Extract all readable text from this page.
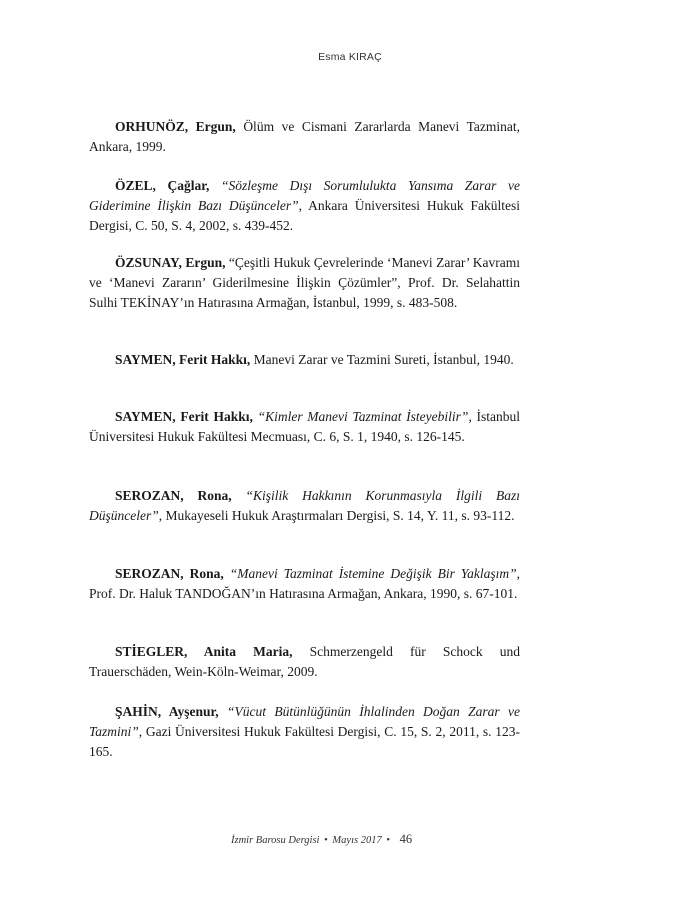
Esma KIRAÇ

ORHUNÖZ, Ergun, Ölüm ve Cismani Zararlarda Manevi Tazminat, Ankara, 1999.

ÖZEL, Çağlar, “Sözleşme Dışı Sorumlulukta Yansıma Zarar ve Giderimine İlişkin Bazı Düşünceler”, Ankara Üniversitesi Hukuk Fakültesi Dergisi, C. 50, S. 4, 2002, s. 439-452.

ÖZSUNAY, Ergun, “Çeşitli Hukuk Çevrelerinde ‘Manevi Zarar’ Kavramı ve ‘Manevi Zararın’ Giderilmesine İlişkin Çözümler”, Prof. Dr. Selahattin Sulhi TEKİNAY’ın Hatırasına Armağan, İstanbul, 1999, s. 483-508.

SAYMEN, Ferit Hakkı, Manevi Zarar ve Tazmini Sureti, İstanbul, 1940.

SAYMEN, Ferit Hakkı, “Kimler Manevi Tazminat İsteyebilir”, İstanbul Üniversitesi Hukuk Fakültesi Mecmuası, C. 6, S. 1, 1940, s. 126-145.

SEROZAN, Rona, “Kişilik Hakkının Korunmasıyla İlgili Bazı Düşünceler”, Mukayeseli Hukuk Araştırmaları Dergisi, S. 14, Y. 11, s. 93-112.

SEROZAN, Rona, “Manevi Tazminat İstemine Değişik Bir Yaklaşım”, Prof. Dr. Haluk TANDOĞAN’ın Hatırasına Armağan, Ankara, 1990, s. 67-101.

STİEGLER, Anita Maria, Schmerzengeld für Schock und Trauerschäden, Wein-Köln-Weimar, 2009.

ŞAHİN, Ayşenur, “Vücut Bütünlüğünün İhlalinden Doğan Zarar ve Tazmini”, Gazi Üniversitesi Hukuk Fakültesi Dergisi, C. 15, S. 2, 2011, s. 123-165.

İzmir Barosu Dergisi • Mayıs 2017 • 46
